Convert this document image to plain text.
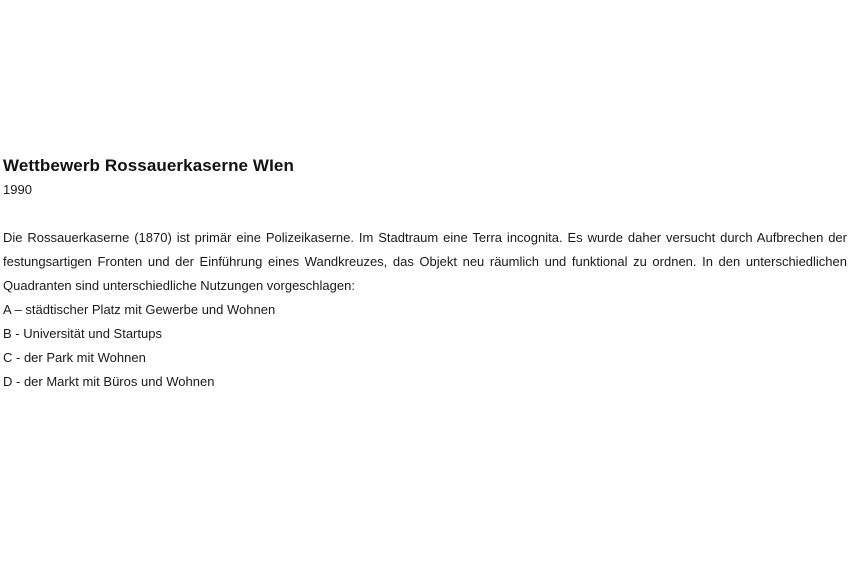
Wettbewerb Rossauerkaserne WIen

1990

Die Rossauerkaserne (1870) ist primär eine Polizeikaserne. Im Stadtraum eine Terra incognita. Es wurde daher versucht durch Aufbrechen der festungsartigen Fronten und der Einführung eines Wandkreuzes, das Objekt neu räumlich und funktional zu ordnen. In den unterschiedlichen Quadranten sind unterschiedliche Nutzungen vorgeschlagen:

A – städtischer Platz mit Gewerbe und Wohnen
B - Universität und Startups
C - der Park mit Wohnen
D - der Markt mit Büros und Wohnen
